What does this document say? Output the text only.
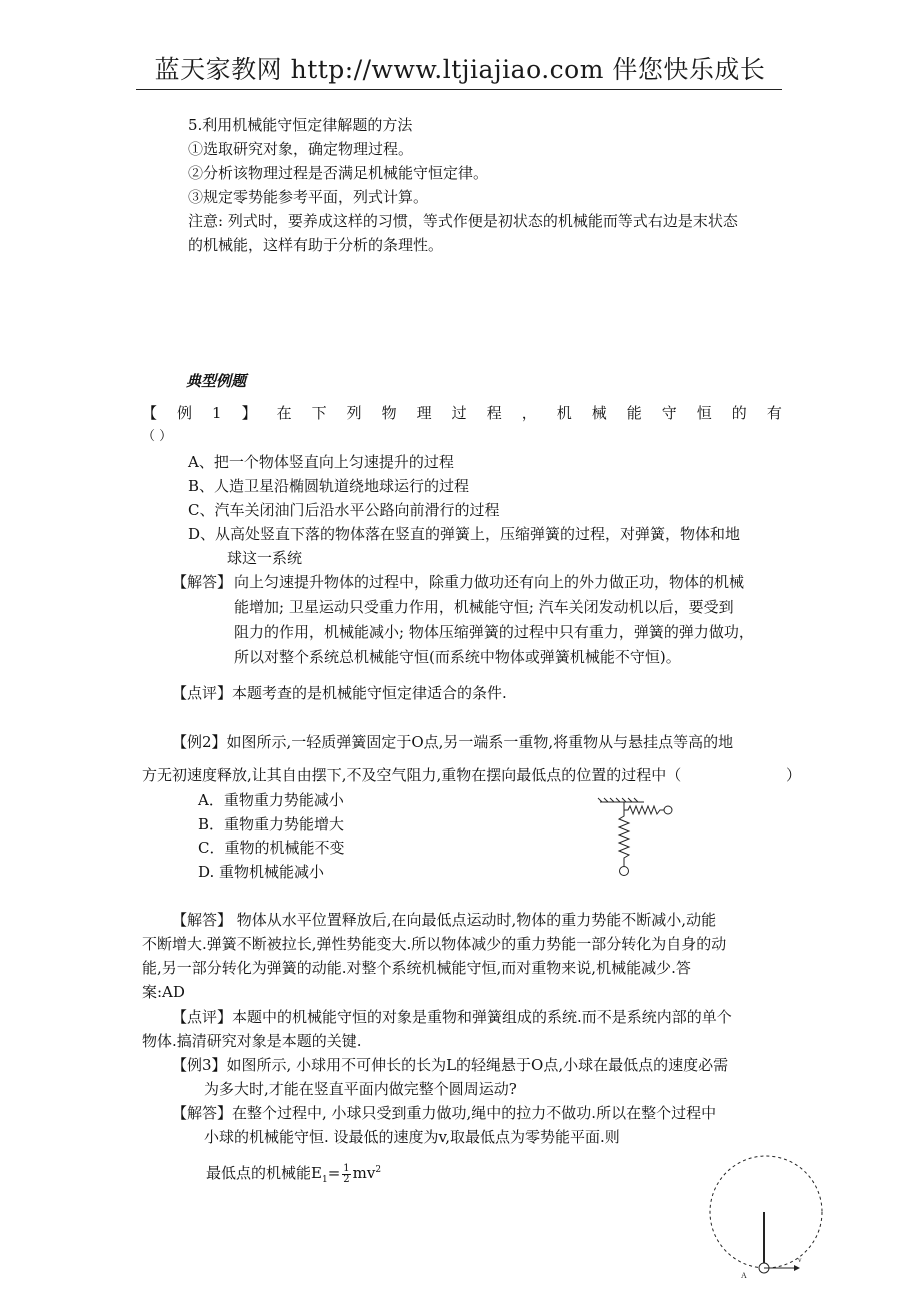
蓝天家教网 http://www.ltjiajiao.com 伴您快乐成长
5.利用机械能守恒定律解题的方法
①选取研究对象，确定物理过程。
②分析该物理过程是否满足机械能守恒定律。
③规定零势能参考平面，列式计算。
注意: 列式时，要养成这样的习惯，等式作便是初状态的机械能而等式右边是末状态
的机械能，这样有助于分析的条理性。
典型例题
【 例 1 】 在 下 列 物 理 过 程 ， 机 械 能 守 恒 的 有
（ ）
A、把一个物体竖直向上匀速提升的过程
B、人造卫星沿椭圆轨道绕地球运行的过程
C、汽车关闭油门后沿水平公路向前滑行的过程
D、从高处竖直下落的物体落在竖直的弹簧上，压缩弹簧的过程，对弹簧，物体和地
球这一系统
【解答】 向上匀速提升物体的过程中，除重力做功还有向上的外力做正功，物体的机械
能增加; 卫星运动只受重力作用，机械能守恒; 汽车关闭发动机以后，要受到
阻力的作用，机械能减小; 物体压缩弹簧的过程中只有重力，弹簧的弹力做功，
所以对整个系统总机械能守恒(而系统中物体或弹簧机械能不守恒)。
【点评】本题考查的是机械能守恒定律适合的条件.
【例2】如图所示,一轻质弹簧固定于O点,另一端系一重物,将重物从与悬挂点等高的地
方无初速度释放,让其自由摆下,不及空气阻力,重物在摆向最低点的位置的过程中（	）
A．重物重力势能减小
B．重物重力势能增大
C．重物的机械能不变
D. 重物机械能减小
【解答】 物体从水平位置释放后,在向最低点运动时,物体的重力势能不断减小,动能
不断增大.弹簧不断被拉长,弹性势能变大.所以物体减少的重力势能一部分转化为自身的动
能,另一部分转化为弹簧的动能.对整个系统机械能守恒,而对重物来说,机械能减少.答
案:AD
【点评】本题中的机械能守恒的对象是重物和弹簧组成的系统.而不是系统内部的单个
物体.搞清研究对象是本题的关键.
【例3】如图所示, 小球用不可伸长的长为L的轻绳悬于O点,小球在最低点的速度必需
为多大时,才能在竖直平面内做完整个圆周运动?
【解答】在整个过程中, 小球只受到重力做功,绳中的拉力不做功.所以在整个过程中
小球的机械能守恒. 设最低的速度为v,取最低点为零势能平面.则
最低点的机械能$E_1= \frac{1}{2} mv^2$
A
v
